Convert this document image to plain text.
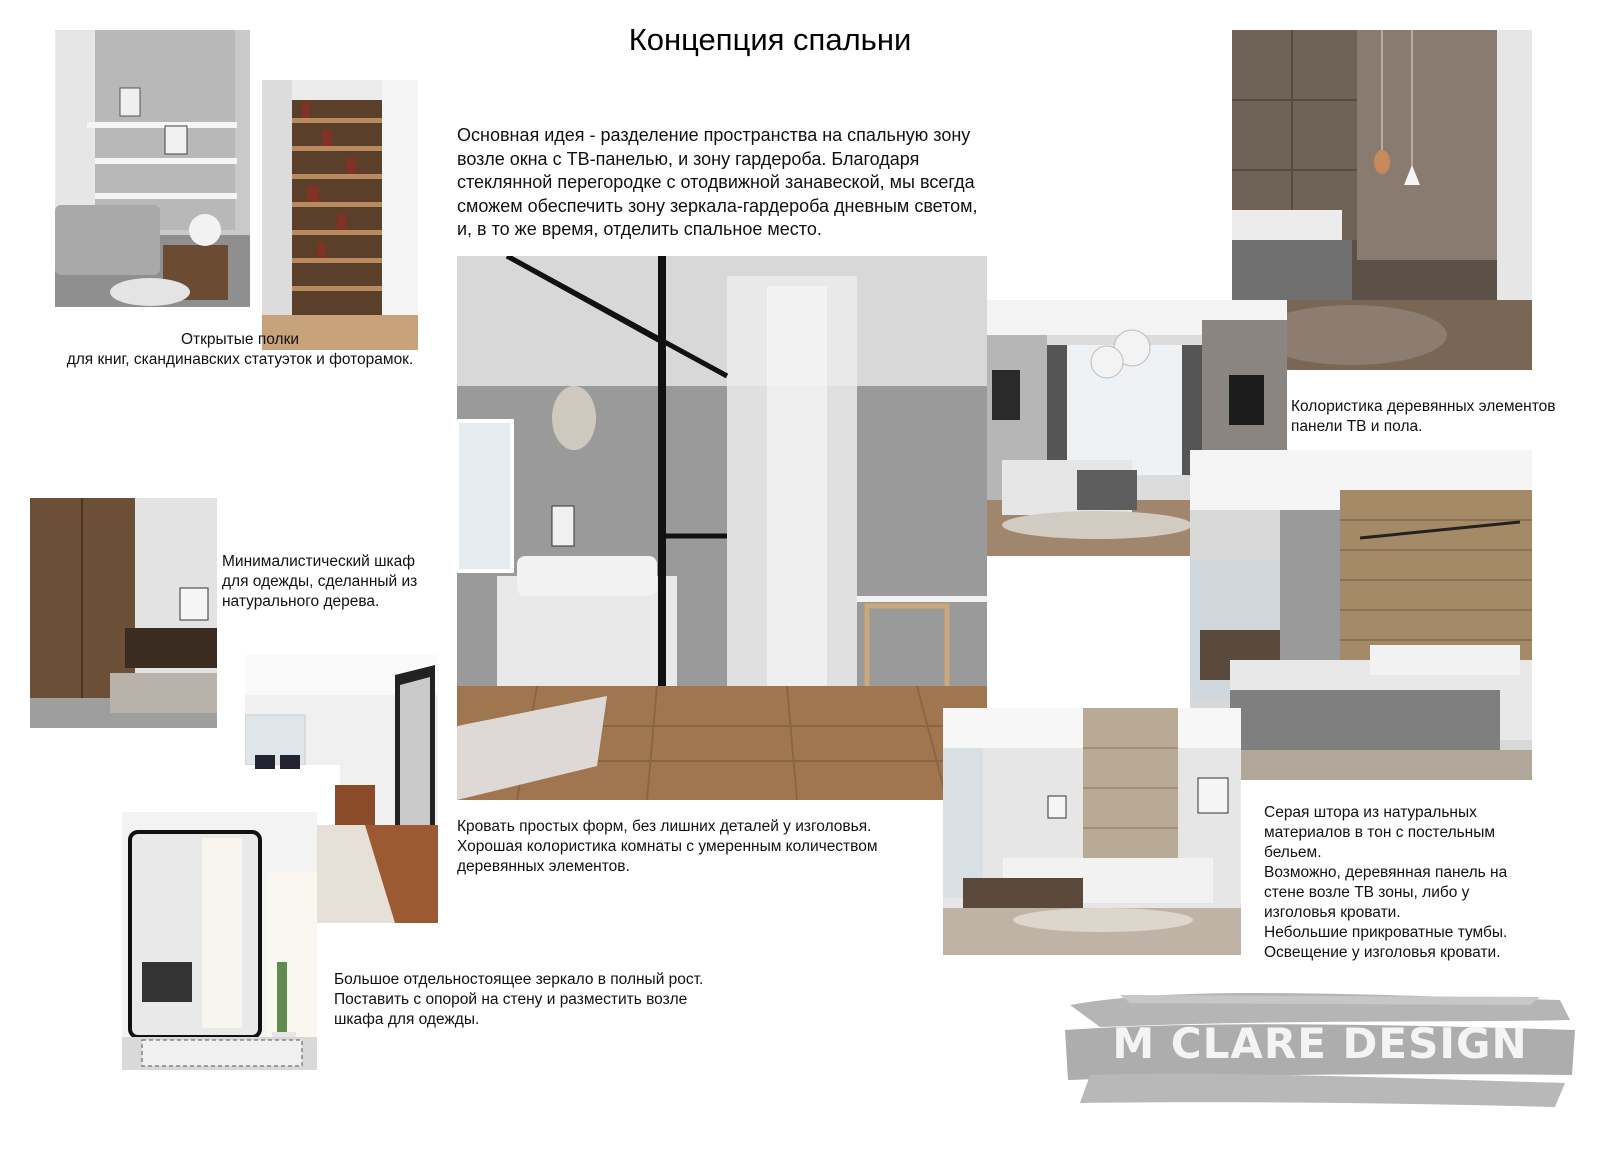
Концепция спальни
Основная идея - разделение пространства на спальную зону
возле окна с ТВ-панелью, и зону гардероба. Благодаря
стеклянной перегородке с отодвижной занавеской, мы всегда
сможем обеспечить зону зеркала-гардероба дневным светом,
и, в то же время, отделить спальное место.
Открытые полки
для книг, скандинавских статуэток и фоторамок.
Минималистический шкаф
для одежды, сделанный из
натурального дерева.
Большое отдельностоящее зеркало в полный рост.
Поставить с опорой на стену и разместить возле
шкафа для одежды.
Кровать простых форм, без лишних деталей у изголовья.
Хорошая колористика комнаты с умеренным количеством
деревянных элементов.
Колористика деревянных элементов
панели ТВ и пола.
Серая штора из натуральных
материалов в тон с постельным
бельем.
Возможно, деревянная панель на
стене возле ТВ зоны, либо у
изголовья кровати.
Небольшие прикроватные тумбы.
Освещение у изголовья кровати.
M CLARE DESIGN
